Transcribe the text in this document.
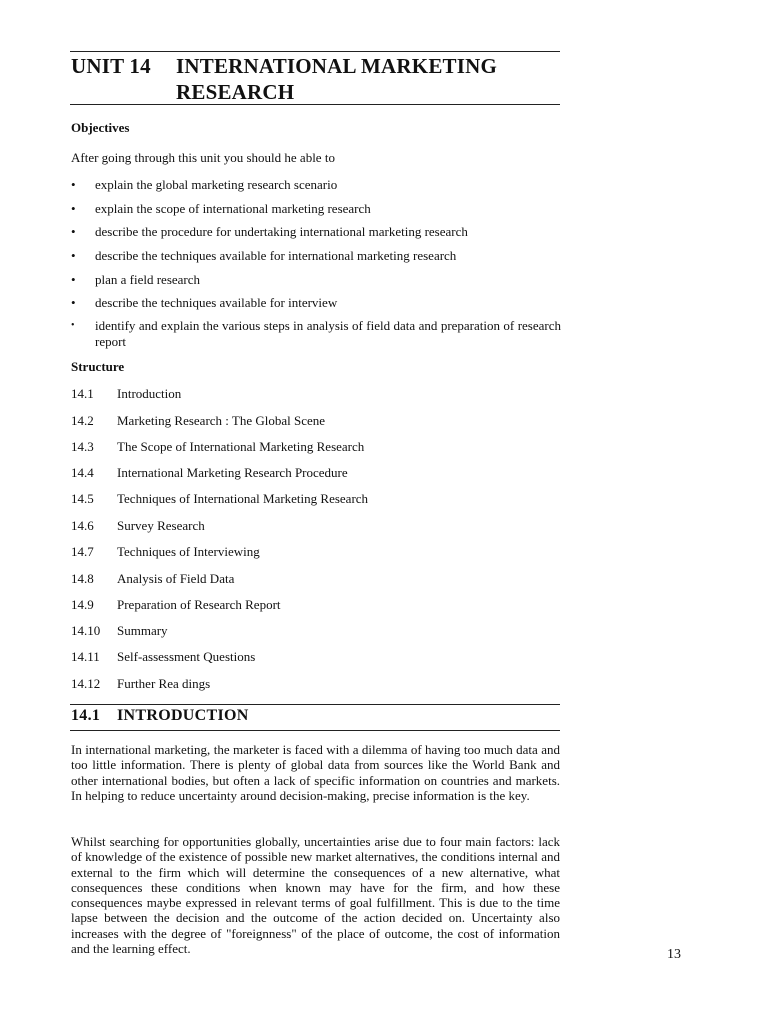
UNIT 14 INTERNATIONAL MARKETING
RESEARCH
Objectives
After going through this unit you should he able to
• explain the global marketing research scenario
• explain the scope of international marketing research
• describe the procedure for undertaking international marketing research
• describe the techniques available for international marketing research
• plan a field research
• describe the techniques available for interview
• identify and explain the various steps in analysis of field data and preparation of research report
Structure
14.1 Introduction
14.2 Marketing Research : The Global Scene
14.3 The Scope of International Marketing Research
14.4 International Marketing Research Procedure
14.5 Techniques of International Marketing Research
14.6 Survey Research
14.7 Techniques of Interviewing
14.8 Analysis of Field Data
14.9 Preparation of Research Report
14.10 Summary
14.11 Self-assessment Questions
14.12 Further Rea dings
14.1 INTRODUCTION
In international marketing, the marketer is faced with a dilemma of having too much data and too little information. There is plenty of global data from sources like the World Bank and other international bodies, but often a lack of specific information on countries and markets. In helping to reduce uncertainty around decision-making, precise information is the key.
Whilst searching for opportunities globally, uncertainties arise due to four main factors: lack of knowledge of the existence of possible new market alternatives, the conditions internal and external to the firm which will determine the consequences of a new alternative, what consequences these conditions when known may have for the firm, and how these consequences maybe expressed in relevant terms of goal fulfillment. This is due to the time lapse between the decision and the outcome of the action decided on. Uncertainty also increases with the degree of "foreignness" of the place of outcome, the cost of information and the learning effect.	13
